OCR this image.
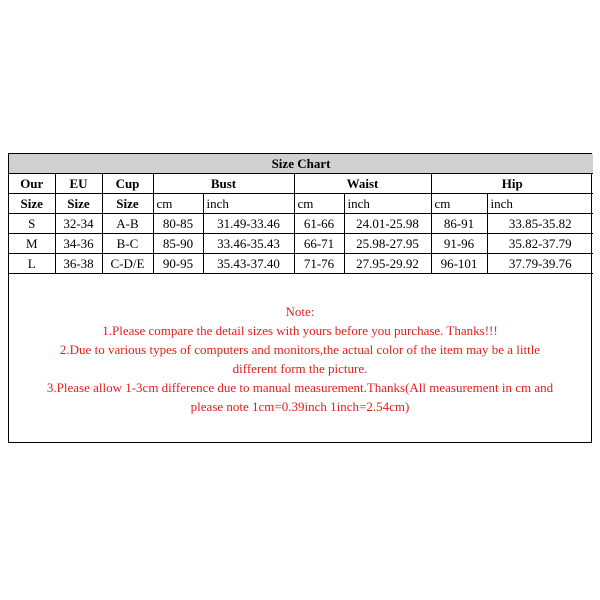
Size Chart								
Our	EU	Cup	Bust		Waist		Hip	
Size	Size	Size	cm	inch	cm	inch	cm	inch
S	32-34	A-B	80-85	31.49-33.46	61-66	24.01-25.98	86-91	33.85-35.82
M	34-36	B-C	85-90	33.46-35.43	66-71	25.98-27.95	91-96	35.82-37.79
L	36-38	C-D/E	90-95	35.43-37.40	71-76	27.95-29.92	96-101	37.79-39.76

Note:

1.Please compare the detail sizes with yours before you purchase. Thanks!!!

2.Due to various types of computers and monitors,the actual color of the item may be a little

different form the picture.

3.Please allow 1-3cm difference due to manual measurement.Thanks(All measurement in cm and

please note 1cm=0.39inch 1inch=2.54cm)
